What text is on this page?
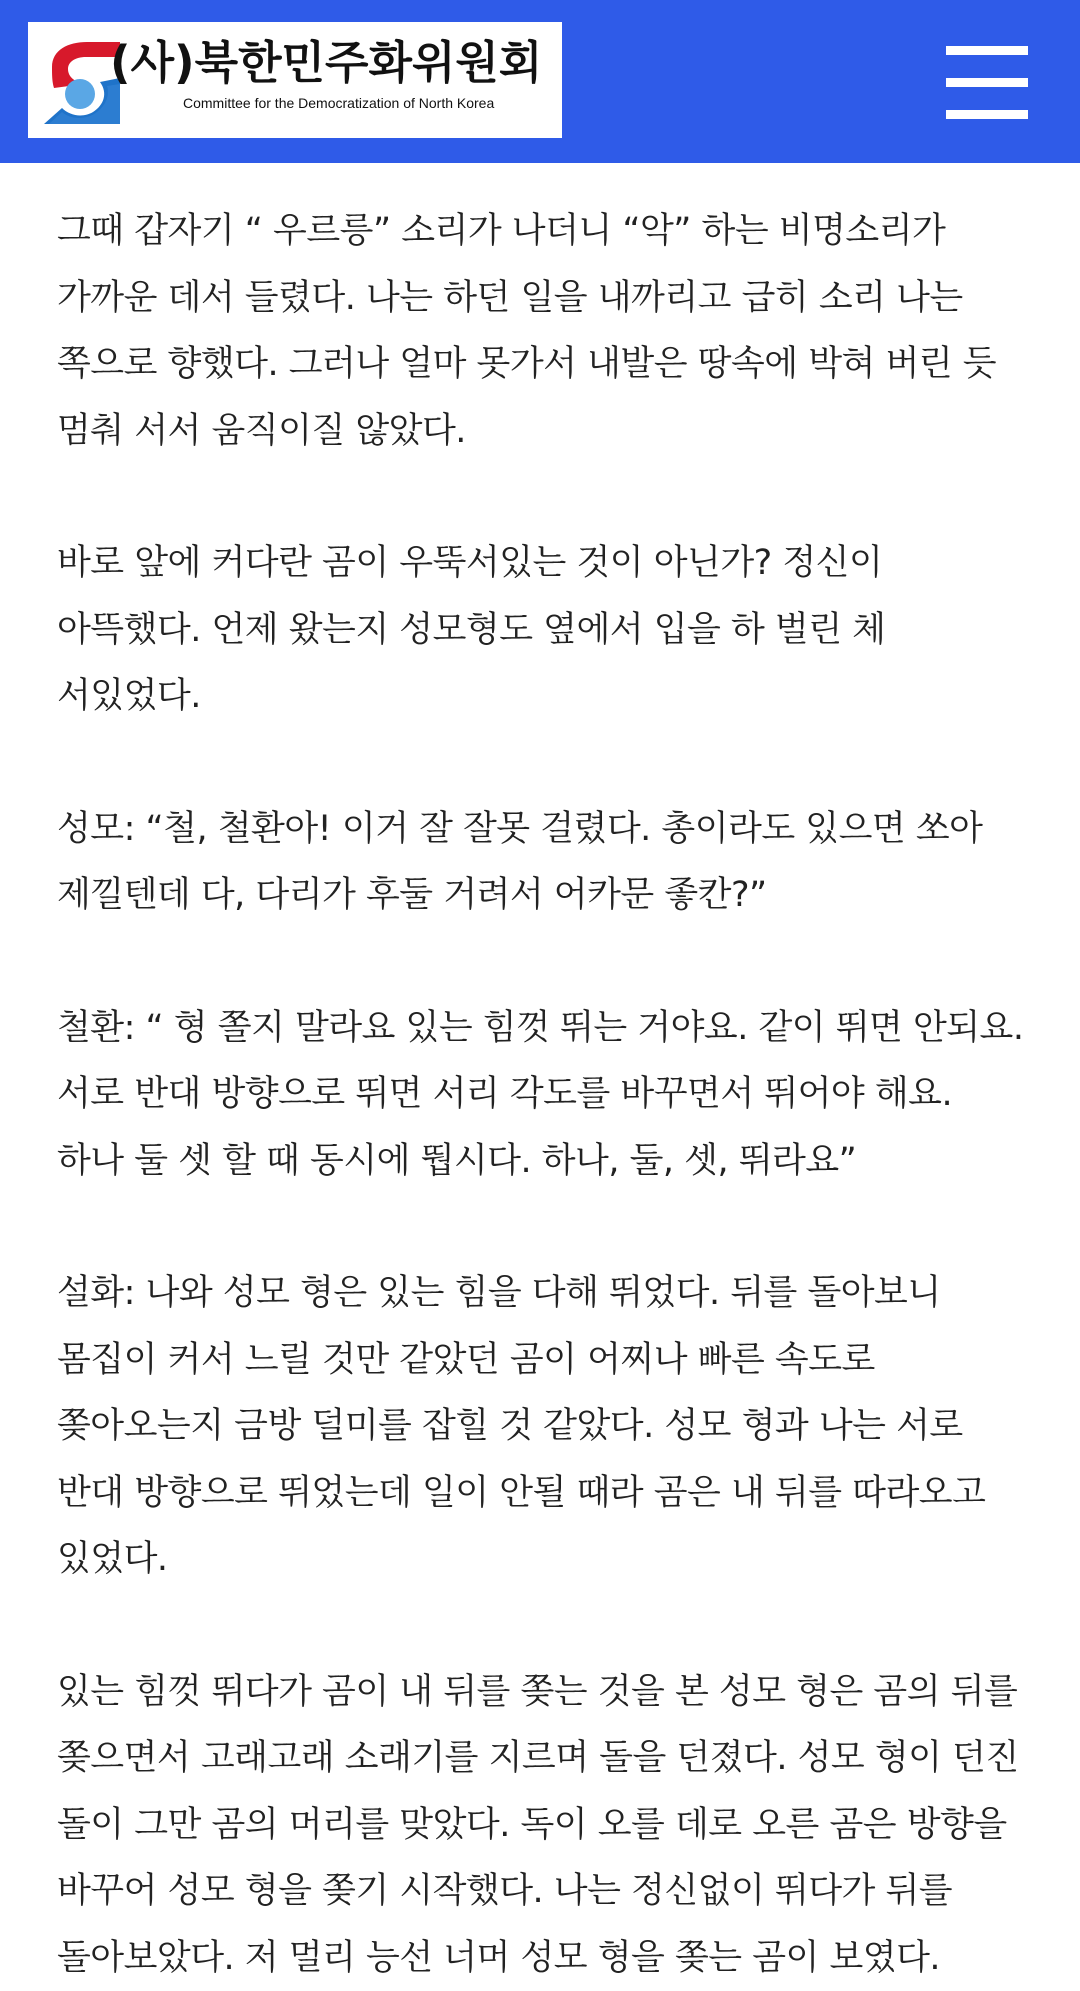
(사)북한민주화위원회
Committee for the Democratization of North Korea

그때 갑자기 “ 우르릉” 소리가 나더니 “악” 하는 비명소리가 가까운 데서 들렸다. 나는 하던 일을 내까리고 급히 소리 나는 쪽으로 향했다. 그러나 얼마 못가서 내발은 땅속에 박혀 버린 듯 멈춰 서서 움직이질 않았다.

바로 앞에 커다란 곰이 우뚝서있는 것이 아닌가? 정신이 아뜩했다. 언제 왔는지 성모형도 옆에서 입을 하 벌린 체 서있었다.

성모: “철, 철환아! 이거 잘 잘못 걸렸다. 총이라도 있으면 쏘아 제낄텐데 다, 다리가 후둘 거려서 어카문 좋칸?”

철환: “ 형 쫄지 말라요 있는 힘껏 뛰는 거야요. 같이 뛰면 안되요. 서로 반대 방향으로 뛰면 서리 각도를 바꾸면서 뛰어야 해요. 하나 둘 셋 할 때 동시에 뛉시다. 하나, 둘, 셋, 뛰라요”

설화: 나와 성모 형은 있는 힘을 다해 뛰었다. 뒤를 돌아보니 몸집이 커서 느릴 것만 같았던 곰이 어찌나 빠른 속도로 쫒아오는지 금방 덜미를 잡힐 것 같았다. 성모 형과 나는 서로 반대 방향으로 뛰었는데 일이 안될 때라 곰은 내 뒤를 따라오고 있었다.

있는 힘껏 뛰다가 곰이 내 뒤를 쫒는 것을 본 성모 형은 곰의 뒤를 쫒으면서 고래고래 소래기를 지르며 돌을 던졌다. 성모 형이 던진 돌이 그만 곰의 머리를 맞았다. 독이 오를 데로 오른 곰은 방향을 바꾸어 성모 형을 쫒기 시작했다. 나는 정신없이 뛰다가 뒤를 돌아보았다. 저 멀리 능선 너머 성모 형을 쫒는 곰이 보였다.
